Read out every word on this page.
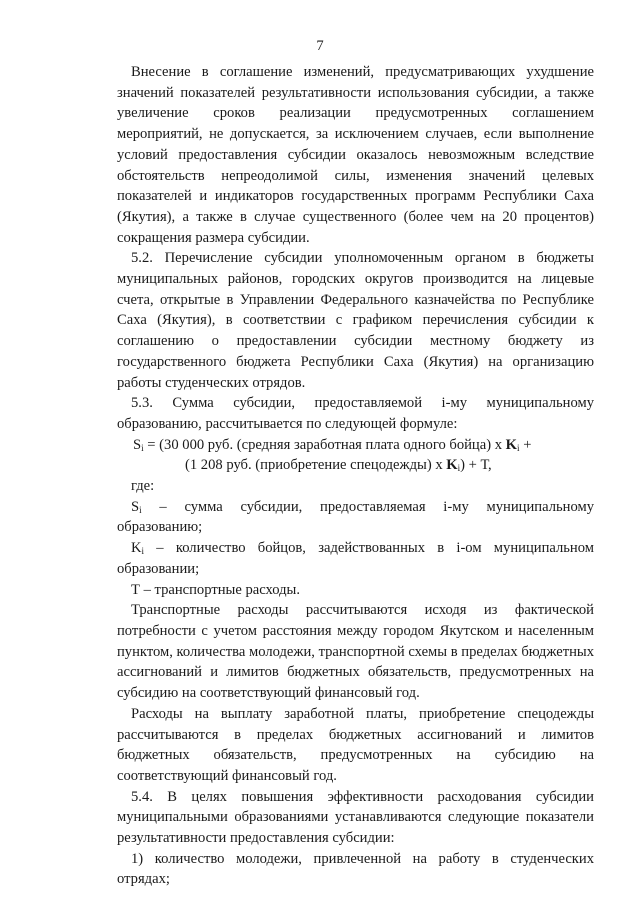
7

Внесение в соглашение изменений, предусматривающих ухудшение значений показателей результативности использования субсидии, а также увеличение сроков реализации предусмотренных соглашением мероприятий, не допускается, за исключением случаев, если выполнение условий предоставления субсидии оказалось невозможным вследствие обстоятельств непреодолимой силы, изменения значений целевых показателей и индикаторов государственных программ Республики Саха (Якутия), а также в случае существенного (более чем на 20 процентов) сокращения размера субсидии.

5.2. Перечисление субсидии уполномоченным органом в бюджеты муниципальных районов, городских округов производится на лицевые счета, открытые в Управлении Федерального казначейства по Республике Саха (Якутия), в соответствии с графиком перечисления субсидии к соглашению о предоставлении субсидии местному бюджету из государственного бюджета Республики Саха (Якутия) на организацию работы студенческих отрядов.

5.3. Сумма субсидии, предоставляемой i-му муниципальному образованию, рассчитывается по следующей формуле:

$S_i = (30$ 000 руб. (средняя заработная плата одного бойца) x $K_i$ +

(1 208 руб. (приобретение спецодежды) x $K_i) + Т$,

где:

$S_i$ – сумма субсидии, предоставляемая i-му муниципальному образованию;

$K_i$ – количество бойцов, задействованных в i-ом муниципальном образовании;

Т – транспортные расходы.

Транспортные расходы рассчитываются исходя из фактической потребности с учетом расстояния между городом Якутском и населенным пунктом, количества молодежи, транспортной схемы в пределах бюджетных ассигнований и лимитов бюджетных обязательств, предусмотренных на субсидию на соответствующий финансовый год.

Расходы на выплату заработной платы, приобретение спецодежды рассчитываются в пределах бюджетных ассигнований и лимитов бюджетных обязательств, предусмотренных на субсидию на соответствующий финансовый год.

5.4. В целях повышения эффективности расходования субсидии муниципальными образованиями устанавливаются следующие показатели результативности предоставления субсидии:

1) количество молодежи, привлеченной на работу в студенческих отрядах;
